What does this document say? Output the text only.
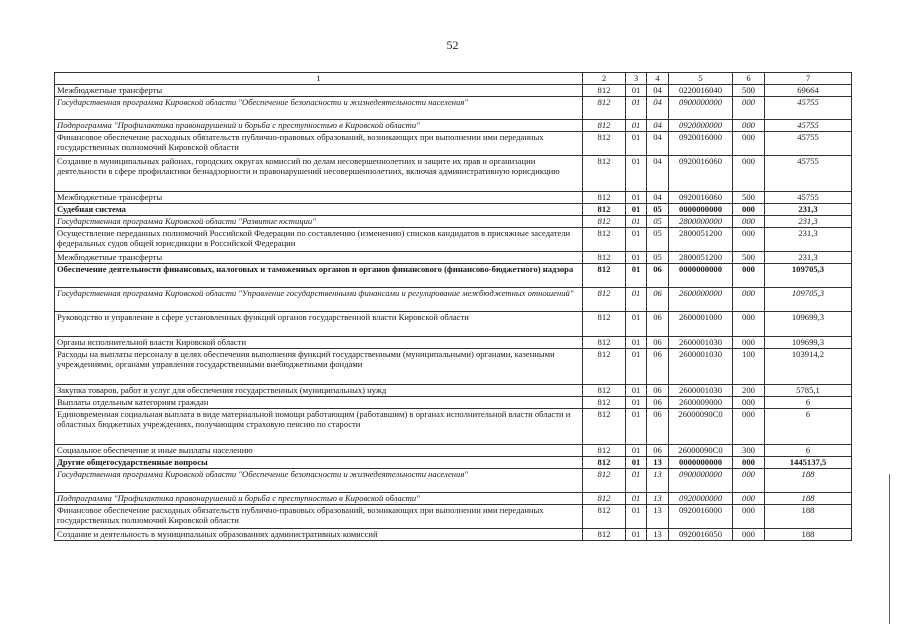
52
1	2	3	4	5	6	7
Межбюджетные трансферты	812	01	04	0220016040	500	69664
Государственная программа Кировской области "Обеспечение безопасности и жизнедеятельности населения"	812	01	04	0900000000	000	45755
Подпрограмма "Профилактика правонарушений и борьба с преступностью в Кировской области"	812	01	04	0920000000	000	45755
Финансовое обеспечение расходных обязательств публично-правовых образований, возникающих при выполнении ими переданных государственных полномочий Кировской области	812	01	04	0920016000	000	45755
Создание в муниципальных районах, городских округах комиссий по делам несовершеннолетних и защите их прав и организации деятельности в сфере профилактики безнадзорности и правонарушений несовершеннолетних, включая административную юрисдикцию	812	01	04	0920016060	000	45755
Межбюджетные трансферты	812	01	04	0920016060	500	45755
Судебная система	812	01	05	0000000000	000	231,3
Государственная программа Кировской области "Развитие юстиции"	812	01	05	2800000000	000	231,3
Осуществление переданных полномочий Российской Федерации по составлению (изменению) списков кандидатов в присяжные заседатели федеральных судов общей юрисдикции в Российской Федерации	812	01	05	2800051200	000	231,3
Межбюджетные трансферты	812	01	05	2800051200	500	231,3
Обеспечение деятельности финансовых, налоговых и таможенных органов и органов финансового (финансово-бюджетного) надзора	812	01	06	0000000000	000	109705,3
Государственная программа Кировской области "Управление государственными финансами и регулирование межбюджетных отношений"	812	01	06	2600000000	000	109705,3
Руководство и управление в сфере установленных функций органов государственной власти Кировской области	812	01	06	2600001000	000	109699,3
Органы исполнительной власти Кировской области	812	01	06	2600001030	000	109699,3
Расходы на выплаты персоналу в целях обеспечения выполнения функций государственными (муниципальными) органами, казенными учреждениями, органами управления государственными внебюджетными фондами	812	01	06	2600001030	100	103914,2
Закупка товаров, работ и услуг для обеспечения государственных (муниципальных) нужд	812	01	06	2600001030	200	5785,1
Выплаты отдельным категориям граждан	812	01	06	2600009000	000	6
Единовременная социальная выплата в виде материальной помощи работающим (работавшим) в органах исполнительной власти области и областных бюджетных учреждениях, получающим страховую пенсию по старости	812	01	06	26000090С0	000	6
Социальное обеспечение и иные выплаты населению	812	01	06	26000090С0	300	6
Другие общегосударственные вопросы	812	01	13	0000000000	000	1445137,5
Государственная программа Кировской области "Обеспечение безопасности и жизнедеятельности населения"	812	01	13	0900000000	000	188
Подпрограмма "Профилактика правонарушений и борьба с преступностью в Кировской области"	812	01	13	0920000000	000	188
Финансовое обеспечение расходных обязательств публично-правовых образований, возникающих при выполнении ими переданных государственных полномочий Кировской области	812	01	13	0920016000	000	188
Создание и деятельность в муниципальных образованиях административных комиссий	812	01	13	0920016050	000	188
